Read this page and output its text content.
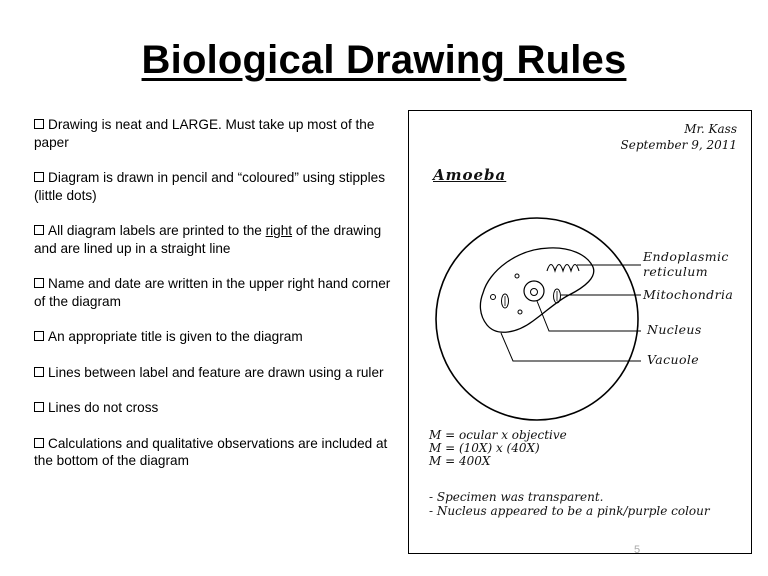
Biological Drawing Rules
Drawing is neat and LARGE. Must take up most of the paper
Diagram is drawn in pencil and “coloured” using stipples (little dots)
All diagram labels are printed to the right of the drawing and are lined up in a straight line
Name and date are written in the upper right hand corner of the diagram
An appropriate title is given to the diagram
Lines between label and feature are drawn using a ruler
Lines do not cross
Calculations and qualitative observations are included at the bottom of the diagram
Mr. Kass
September 9, 2011
Amoeba
Endoplasmic
reticulum
Mitochondria
Nucleus
Vacuole
M = ocular x objective
M = (10X) x (40X)
M = 400X
- Specimen was transparent.
- Nucleus appeared to be a pink/purple colour
5
